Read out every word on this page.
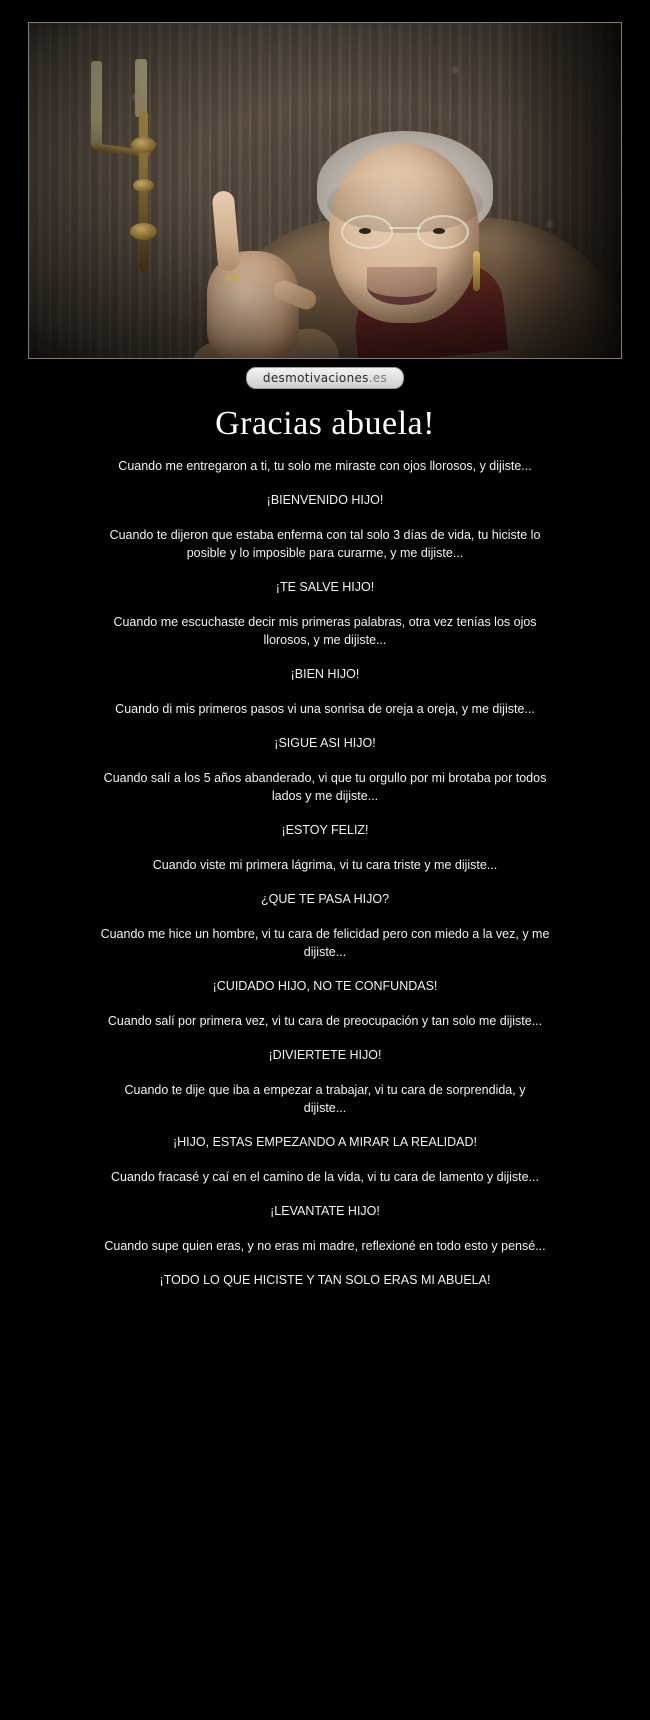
desmotivaciones.es
Gracias abuela!

Cuando me entregaron a ti, tu solo me miraste con ojos llorosos, y dijiste...

¡BIENVENIDO HIJO!

Cuando te dijeron que estaba enferma con tal solo 3 días de vida, tu hiciste lo
posible y lo imposible para curarme, y me dijiste...

¡TE SALVE HIJO!

Cuando me escuchaste decir mis primeras palabras, otra vez tenías los ojos
llorosos, y me dijiste...

¡BIEN HIJO!

Cuando di mis primeros pasos vi una sonrisa de oreja a oreja, y me dijiste...

¡SIGUE ASI HIJO!

Cuando salí a los 5 años abanderado, vi que tu orgullo por mi brotaba por todos
lados y me dijiste...

¡ESTOY FELIZ!

Cuando viste mi primera lágrima, vi tu cara triste y me dijiste...

¿QUE TE PASA HIJO?

Cuando me hice un hombre, vi tu cara de felicidad pero con miedo a la vez, y me
dijiste...

¡CUIDADO HIJO, NO TE CONFUNDAS!

Cuando salí por primera vez, vi tu cara de preocupación y tan solo me dijiste...

¡DIVIERTETE HIJO!

Cuando te dije que iba a empezar a trabajar, vi tu cara de sorprendida, y
dijiste...

¡HIJO, ESTAS EMPEZANDO A MIRAR LA REALIDAD!

Cuando fracasé y caí en el camino de la vida, vi tu cara de lamento y dijiste...

¡LEVANTATE HIJO!

Cuando supe quien eras, y no eras mi madre, reflexioné en todo esto y pensé...

¡TODO LO QUE HICISTE Y TAN SOLO ERAS MI ABUELA!
